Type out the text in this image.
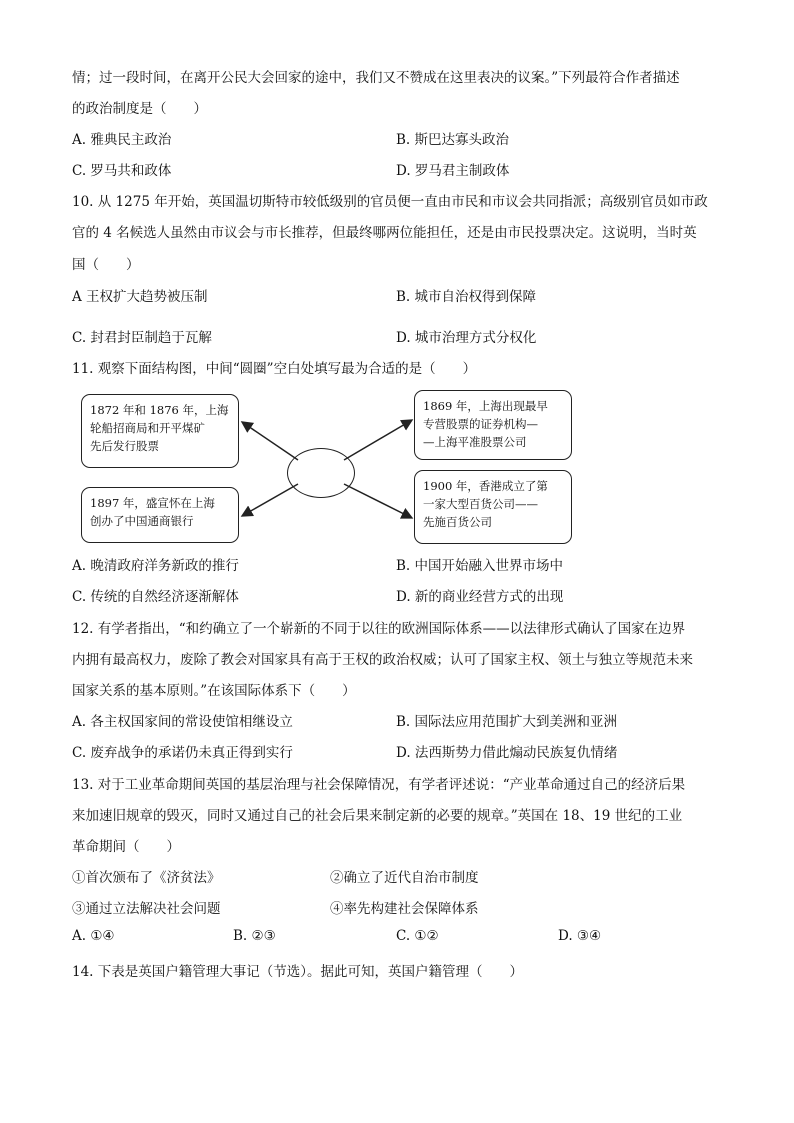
情；过一段时间，在离开公民大会回家的途中，我们又不赞成在这里表决的议案。”下列最符合作者描述
的政治制度是（　　）
A. 雅典民主政治	B. 斯巴达寡头政治
C. 罗马共和政体	D. 罗马君主制政体
10. 从 1275 年开始，英国温切斯特市较低级别的官员便一直由市民和市议会共同指派；高级别官员如市政
官的 4 名候选人虽然由市议会与市长推荐，但最终哪两位能担任，还是由市民投票决定。这说明，当时英
国（　　）
A 王权扩大趋势被压制	B. 城市自治权得到保障
C. 封君封臣制趋于瓦解	D. 城市治理方式分权化
11. 观察下面结构图，中间“圆圈”空白处填写最为合适的是（　　）
1872 年和 1876 年，上海
轮船招商局和开平煤矿
先后发行股票
1897 年，盛宣怀在上海
创办了中国通商银行
1869 年，上海出现最早
专营股票的证券机构—
—上海平准股票公司
1900 年，香港成立了第
一家大型百货公司——
先施百货公司
A. 晚清政府洋务新政的推行	B. 中国开始融入世界市场中
C. 传统的自然经济逐渐解体	D. 新的商业经营方式的出现
12. 有学者指出，“和约确立了一个崭新的不同于以往的欧洲国际体系——以法律形式确认了国家在边界
内拥有最高权力，废除了教会对国家具有高于王权的政治权威；认可了国家主权、领土与独立等规范未来
国家关系的基本原则。”在该国际体系下（　　）
A. 各主权国家间的常设使馆相继设立	B. 国际法应用范围扩大到美洲和亚洲
C. 废弃战争的承诺仍未真正得到实行	D. 法西斯势力借此煽动民族复仇情绪
13. 对于工业革命期间英国的基层治理与社会保障情况，有学者评述说：“产业革命通过自己的经济后果
来加速旧规章的毁灭，同时又通过自己的社会后果来制定新的必要的规章。”英国在 18、19 世纪的工业
革命期间（　　）
①首次颁布了《济贫法》	②确立了近代自治市制度
③通过立法解决社会问题	④率先构建社会保障体系
A. ①④	B. ②③	C. ①②	D. ③④
14. 下表是英国户籍管理大事记（节选）。据此可知，英国户籍管理（　　）
